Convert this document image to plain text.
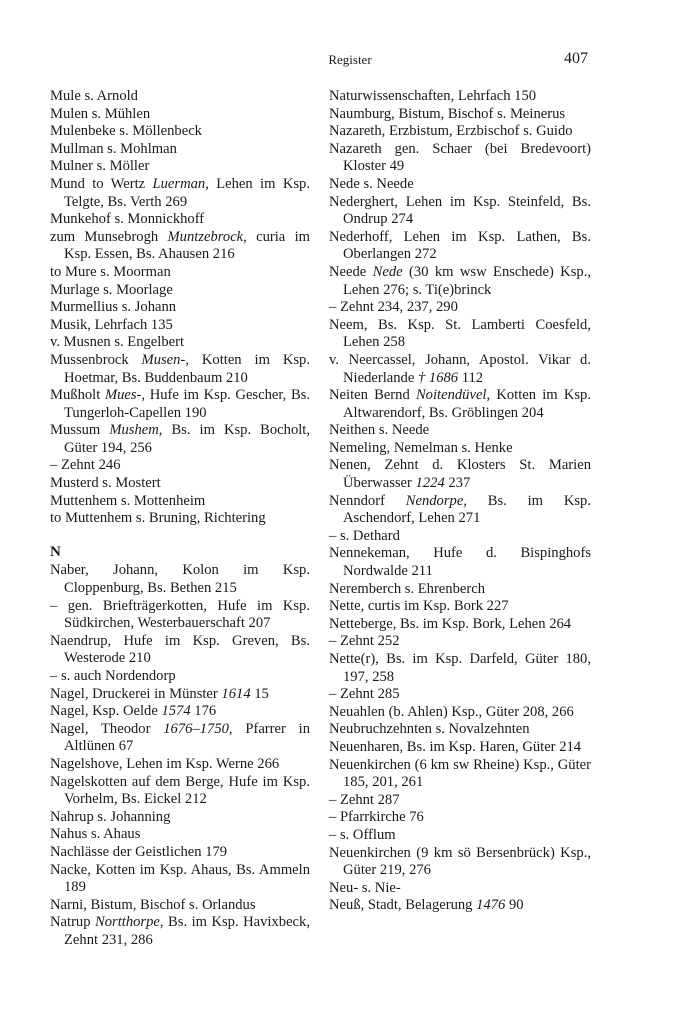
Register	407
Mule s. Arnold
Mulen s. Mühlen
Mulenbeke s. Möllenbeck
Mullman s. Mohlman
Mulner s. Möller
Mund to Wertz Luerman, Lehen im Ksp. Telgte, Bs. Verth 269
Munkehof s. Monnickhoff
zum Munsebrogh Muntzebrock, curia im Ksp. Essen, Bs. Ahausen 216
to Mure s. Moorman
Murlage s. Moorlage
Murmellius s. Johann
Musik, Lehrfach 135
v. Musnen s. Engelbert
Mussenbrock Musen-, Kotten im Ksp. Hoetmar, Bs. Buddenbaum 210
Mußholt Mues-, Hufe im Ksp. Gescher, Bs. Tungerloh-Capellen 190
Mussum Mushem, Bs. im Ksp. Bocholt, Güter 194, 256
– Zehnt 246
Musterd s. Mostert
Muttenhem s. Mottenheim
to Muttenhem s. Bruning, Richtering
N
Naber, Johann, Kolon im Ksp. Cloppenburg, Bs. Bethen 215
– gen. Briefträgerkotten, Hufe im Ksp. Südkirchen, Westerbauerschaft 207
Naendrup, Hufe im Ksp. Greven, Bs. Westerode 210
– s. auch Nordendorp
Nagel, Druckerei in Münster 1614 15
Nagel, Ksp. Oelde 1574 176
Nagel, Theodor 1676–1750, Pfarrer in Altlünen 67
Nagelshove, Lehen im Ksp. Werne 266
Nagelskotten auf dem Berge, Hufe im Ksp. Vorhelm, Bs. Eickel 212
Nahrup s. Johanning
Nahus s. Ahaus
Nachlässe der Geistlichen 179
Nacke, Kotten im Ksp. Ahaus, Bs. Ammeln 189
Narni, Bistum, Bischof s. Orlandus
Natrup Nortthorpe, Bs. im Ksp. Havixbeck, Zehnt 231, 286
Naturwissenschaften, Lehrfach 150
Naumburg, Bistum, Bischof s. Meinerus
Nazareth, Erzbistum, Erzbischof s. Guido
Nazareth gen. Schaer (bei Bredevoort) Kloster 49
Nede s. Neede
Nederghert, Lehen im Ksp. Steinfeld, Bs. Ondrup 274
Nederhoff, Lehen im Ksp. Lathen, Bs. Oberlangen 272
Neede Nede (30 km wsw Enschede) Ksp., Lehen 276; s. Ti(e)brinck
– Zehnt 234, 237, 290
Neem, Bs. Ksp. St. Lamberti Coesfeld, Lehen 258
v. Neercassel, Johann, Apostol. Vikar d. Niederlande † 1686 112
Neiten Bernd Noitendüvel, Kotten im Ksp. Altwarendorf, Bs. Gröblingen 204
Neithen s. Neede
Nemeling, Nemelman s. Henke
Nenen, Zehnt d. Klosters St. Marien Überwasser 1224 237
Nenndorf Nendorpe, Bs. im Ksp. Aschendorf, Lehen 271
– s. Dethard
Nennekeman, Hufe d. Bispinghofs Nordwalde 211
Neremberch s. Ehrenberch
Nette, curtis im Ksp. Bork 227
Netteberge, Bs. im Ksp. Bork, Lehen 264
– Zehnt 252
Nette(r), Bs. im Ksp. Darfeld, Güter 180, 197, 258
– Zehnt 285
Neuahlen (b. Ahlen) Ksp., Güter 208, 266
Neubruchzehnten s. Novalzehnten
Neuenharen, Bs. im Ksp. Haren, Güter 214
Neuenkirchen (6 km sw Rheine) Ksp., Güter 185, 201, 261
– Zehnt 287
– Pfarrkirche 76
– s. Offlum
Neuenkirchen (9 km sö Bersenbrück) Ksp., Güter 219, 276
Neu- s. Nie-
Neuß, Stadt, Belagerung 1476 90
